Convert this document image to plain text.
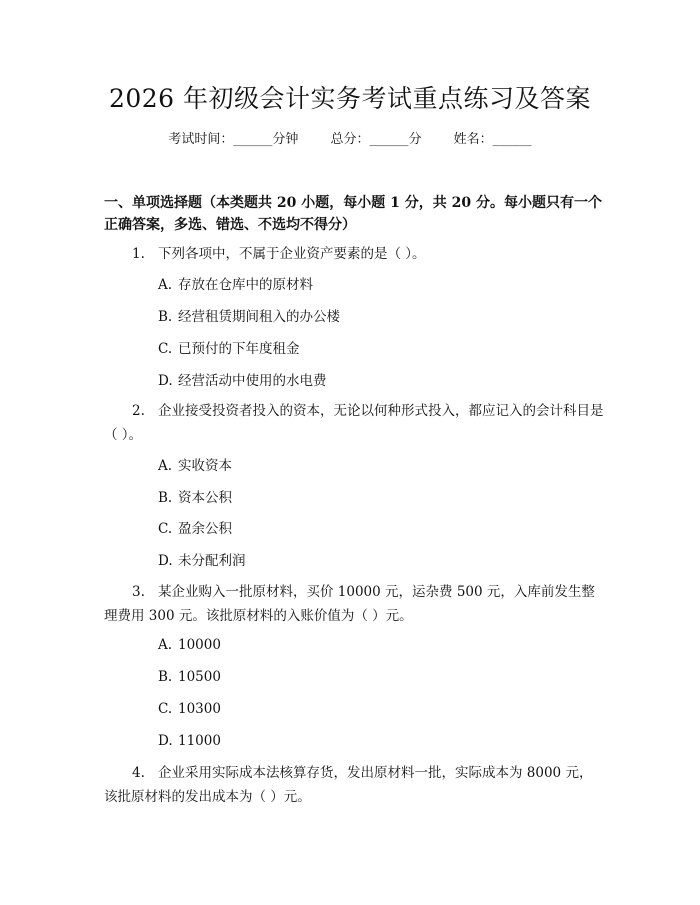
2026 年初级会计实务考试重点练习及答案
考试时间：______分钟 总分：______分 姓名：______
一、单项选择题（本类题共 20 小题，每小题 1 分，共 20 分。每小题只有一个正确答案，多选、错选、不选均不得分）
1. 下列各项中，不属于企业资产要素的是（ ）。
A. 存放在仓库中的原材料
B. 经营租赁期间租入的办公楼
C. 已预付的下年度租金
D. 经营活动中使用的水电费
2. 企业接受投资者投入的资本，无论以何种形式投入，都应记入的会计科目是（ ）。
A. 实收资本
B. 资本公积
C. 盈余公积
D. 未分配利润
3. 某企业购入一批原材料，买价 10000 元，运杂费 500 元，入库前发生整理费用 300 元。该批原材料的入账价值为（ ）元。
A. 10000
B. 10500
C. 10300
D. 11000
4. 企业采用实际成本法核算存货，发出原材料一批，实际成本为 8000 元，该批原材料的发出成本为（ ）元。
